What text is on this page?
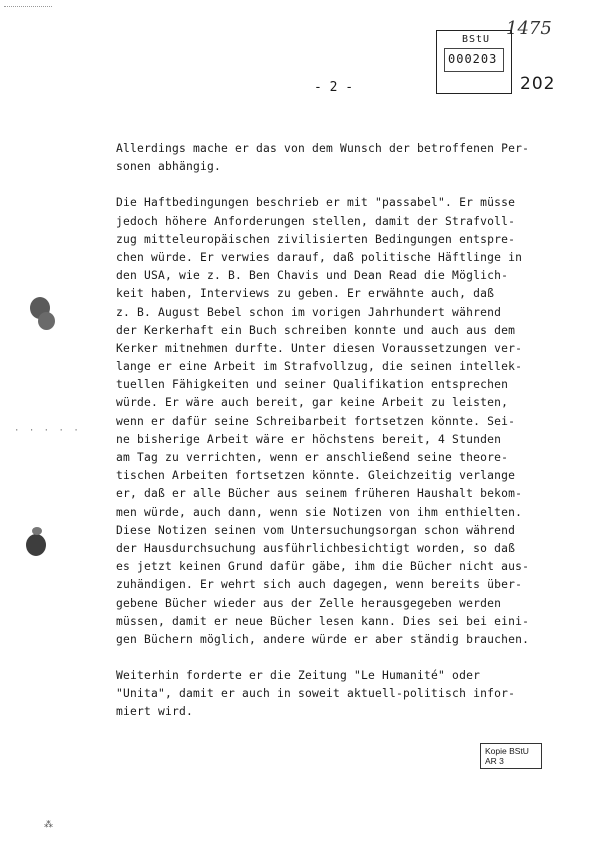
1475
BStU
000203
202
- 2 -
· · · · ·
Allerdings mache er das von dem Wunsch der betroffenen Per-
sonen abhängig.
Die Haftbedingungen beschrieb er mit "passabel". Er müsse
jedoch höhere Anforderungen stellen, damit der Strafvoll-
zug mitteleuropäischen zivilisierten Bedingungen entspre-
chen würde. Er verwies darauf, daß politische Häftlinge in
den USA, wie z. B. Ben Chavis und Dean Read die Möglich-
keit haben, Interviews zu geben. Er erwähnte auch, daß
z. B. August Bebel schon im vorigen Jahrhundert während
der Kerkerhaft ein Buch schreiben konnte und auch aus dem
Kerker mitnehmen durfte. Unter diesen Voraussetzungen ver-
lange er eine Arbeit im Strafvollzug, die seinen intellek-
tuellen Fähigkeiten und seiner Qualifikation entsprechen
würde. Er wäre auch bereit, gar keine Arbeit zu leisten,
wenn er dafür seine Schreibarbeit fortsetzen könnte. Sei-
ne bisherige Arbeit wäre er höchstens bereit, 4 Stunden
am Tag zu verrichten, wenn er anschließend seine theore-
tischen Arbeiten fortsetzen könnte. Gleichzeitig verlange
er, daß er alle Bücher aus seinem früheren Haushalt bekom-
men würde, auch dann, wenn sie Notizen von ihm enthielten.
Diese Notizen seinen vom Untersuchungsorgan schon während
der Hausdurchsuchung ausführlichbesichtigt worden, so daß
es jetzt keinen Grund dafür gäbe, ihm die Bücher nicht aus-
zuhändigen. Er wehrt sich auch dagegen, wenn bereits über-
gebene Bücher wieder aus der Zelle herausgegeben werden
müssen, damit er neue Bücher lesen kann. Dies sei bei eini-
gen Büchern möglich, andere würde er aber ständig brauchen.
Weiterhin forderte er die Zeitung "Le Humanité" oder
"Unita", damit er auch in soweit aktuell-politisch infor-
miert wird.
Kopie BStU
AR 3
⁂
